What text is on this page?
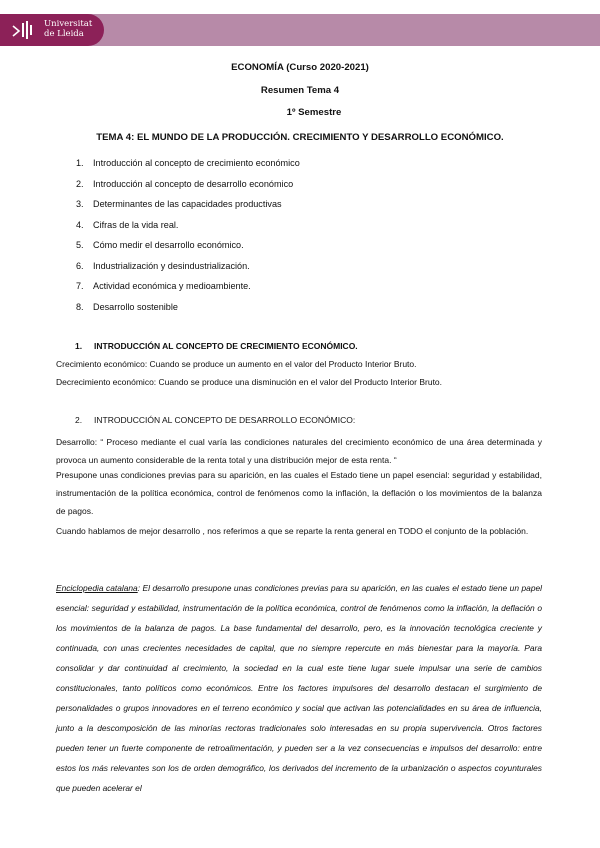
Universitat
de Lleida
ECONOMÍA (Curso 2020-2021)
Resumen Tema 4
1º Semestre
TEMA 4: EL MUNDO DE LA PRODUCCIÓN. CRECIMIENTO Y DESARROLLO ECONÓMICO.
1.	Introducción al concepto de crecimiento económico
2.	Introducción al concepto de desarrollo económico
3.	Determinantes de las capacidades productivas
4.	Cifras de la vida real.
5.	Cómo medir el desarrollo económico.
6.	Industrialización y desindustrialización.
7.	Actividad económica y medioambiente.
8.	Desarrollo sostenible
1.	INTRODUCCIÓN AL CONCEPTO DE CRECIMIENTO ECONÓMICO.
Crecimiento económico: Cuando se produce un aumento en el valor del Producto Interior Bruto.
Decrecimiento económico: Cuando se produce una disminución en el valor del Producto Interior Bruto.
2.	INTRODUCCIÓN AL CONCEPTO DE DESARROLLO ECONÓMICO:
Desarrollo: “ Proceso mediante el cual varía las condiciones naturales del crecimiento económico de una área determinada y provoca un aumento considerable de la renta total y una distribución mejor de esta renta. “
Presupone unas condiciones previas para su aparición, en las cuales el Estado tiene un papel esencial: seguridad y estabilidad, instrumentación de la política económica, control de fenómenos como la inflación, la deflación o los movimientos de la balanza de pagos.
Cuando hablamos de mejor desarrollo , nos referimos a que se reparte la renta general en TODO el conjunto de la población.
Enciclopedia catalana: El desarrollo presupone unas condiciones previas para su aparición, en las cuales el estado tiene un papel esencial: seguridad y estabilidad, instrumentación de la política económica, control de fenómenos como la inflación, la deflación o los movimientos de la balanza de pagos. La base fundamental del desarrollo, pero, es la innovación tecnológica creciente y continuada, con unas crecientes necesidades de capital, que no siempre repercute en más bienestar para la mayoría. Para consolidar y dar continuidad al crecimiento, la sociedad en la cual este tiene lugar suele impulsar una serie de cambios constitucionales, tanto políticos como económicos. Entre los factores impulsores del desarrollo destacan el surgimiento de personalidades o grupos innovadores en el terreno económico y social que activan las potencialidades en su área de influencia, junto a la descomposición de las minorías rectoras tradicionales solo interesadas en su propia supervivencia. Otros factores pueden tener un fuerte componente de retroalimentación, y pueden ser a la vez consecuencias e impulsos del desarrollo: entre estos los más relevantes son los de orden demográfico, los derivados del incremento de la urbanización o aspectos coyunturales que pueden acelerar el
